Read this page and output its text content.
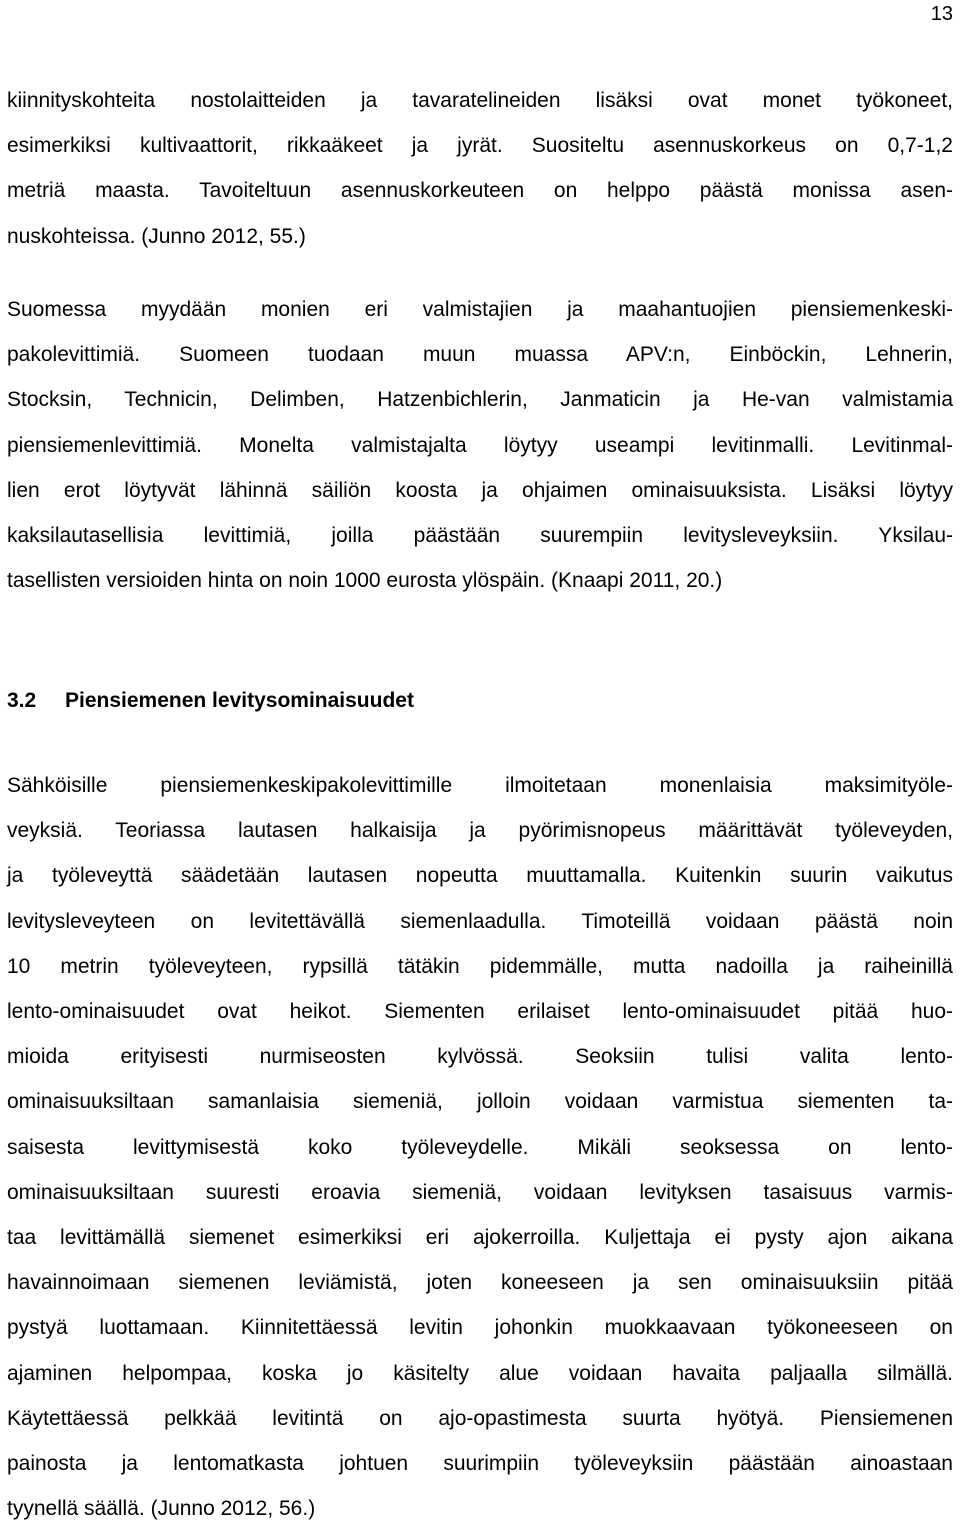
13
kiinnityskohteita nostolaitteiden ja tavaratelineiden lisäksi ovat monet työkoneet,
esimerkiksi kultivaattorit, rikkaäkeet ja jyrät. Suositeltu asennuskorkeus on 0,7-1,2
metriä maasta. Tavoiteltuun asennuskorkeuteen on helppo päästä monissa asen-
nuskohteissa. (Junno 2012, 55.)
Suomessa myydään monien eri valmistajien ja maahantuojien piensiemenkeski-
pakolevittimiä. Suomeen tuodaan muun muassa APV:n, Einböckin, Lehnerin,
Stocksin, Technicin, Delimben, Hatzenbichlerin, Janmaticin ja He-van valmistamia
piensiemenlevittimiä. Monelta valmistajalta löytyy useampi levitinmalli. Levitinmal-
lien erot löytyvät lähinnä säiliön koosta ja ohjaimen ominaisuuksista. Lisäksi löytyy
kaksilautasellisia levittimiä, joilla päästään suurempiin levitysleveyksiin. Yksilau-
tasellisten versioiden hinta on noin 1000 eurosta ylöspäin. (Knaapi 2011, 20.)
3.2 Piensiemenen levitysominaisuudet
Sähköisille piensiemenkeskipakolevittimille ilmoitetaan monenlaisia maksimityöle-
veyksiä. Teoriassa lautasen halkaisija ja pyörimisnopeus määrittävät työleveyden,
ja työleveyttä säädetään lautasen nopeutta muuttamalla. Kuitenkin suurin vaikutus
levitysleveyteen on levitettävällä siemenlaadulla. Timoteillä voidaan päästä noin
10 metrin työleveyteen, rypsillä tätäkin pidemmälle, mutta nadoilla ja raiheinillä
lento-ominaisuudet ovat heikot. Siementen erilaiset lento-ominaisuudet pitää huo-
mioida erityisesti nurmiseosten kylvössä. Seoksiin tulisi valita lento-
ominaisuuksiltaan samanlaisia siemeniä, jolloin voidaan varmistua siementen ta-
saisesta levittymisestä koko työleveydelle. Mikäli seoksessa on lento-
ominaisuuksiltaan suuresti eroavia siemeniä, voidaan levityksen tasaisuus varmis-
taa levittämällä siemenet esimerkiksi eri ajokerroilla. Kuljettaja ei pysty ajon aikana
havainnoimaan siemenen leviämistä, joten koneeseen ja sen ominaisuuksiin pitää
pystyä luottamaan. Kiinnitettäessä levitin johonkin muokkaavaan työkoneeseen on
ajaminen helpompaa, koska jo käsitelty alue voidaan havaita paljaalla silmällä.
Käytettäessä pelkkää levitintä on ajo-opastimesta suurta hyötyä. Piensiemenen
painosta ja lentomatkasta johtuen suurimpiin työleveyksiin päästään ainoastaan
tyynellä säällä. (Junno 2012, 56.)
